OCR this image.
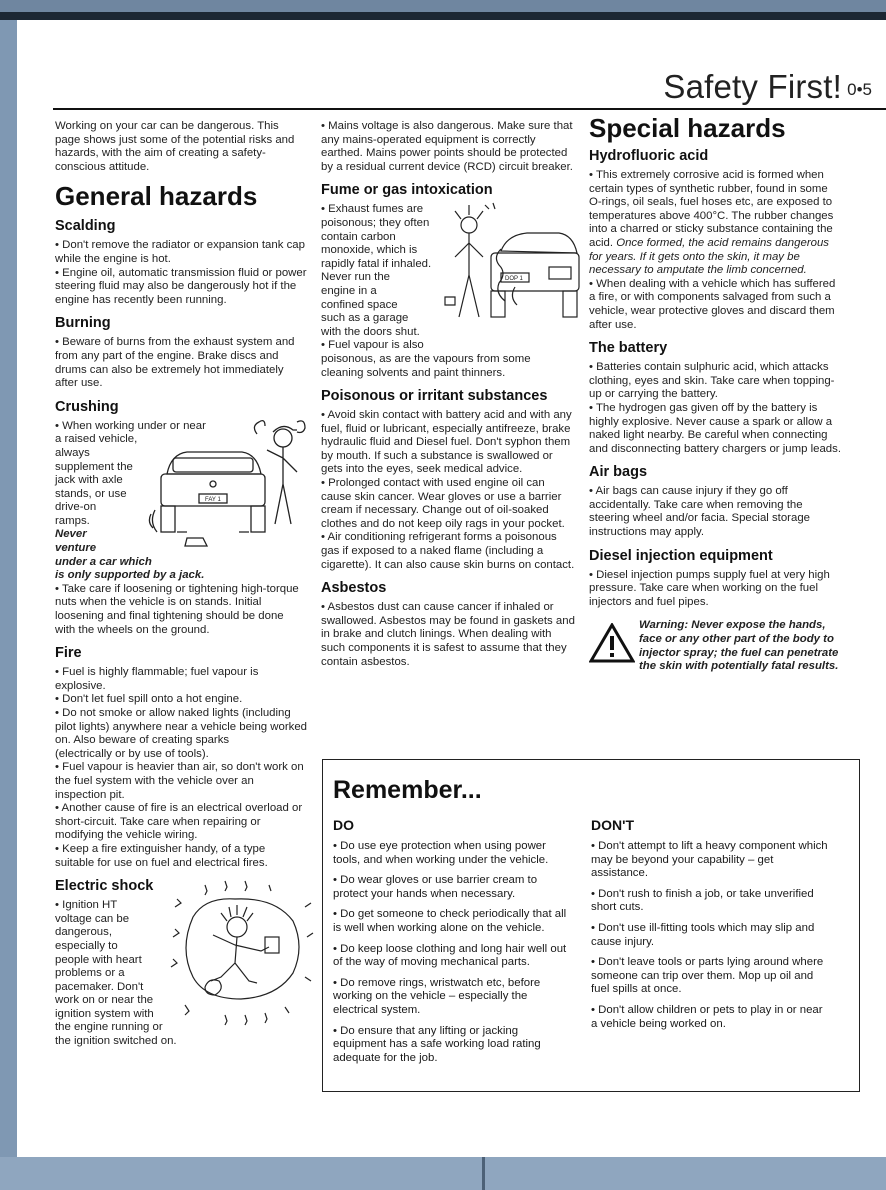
Safety First! 0•5

Working on your car can be dangerous. This page shows just some of the potential risks and hazards, with the aim of creating a safety-conscious attitude.

General hazards
Scalding

• Don't remove the radiator or expansion tank cap while the engine is hot.

• Engine oil, automatic transmission fluid or power steering fluid may also be dangerously hot if the engine has recently been running.

Burning

• Beware of burns from the exhaust system and from any part of the engine. Brake discs and drums can also be extremely hot immediately after use.

Crushing

• When working under or near

a raised vehicle,

always

supplement the

jack with axle

stands, or use

drive-on

ramps.

Never

venture

under a car which

is only supported by a jack.

FAY 1

• Take care if loosening or tightening high-torque nuts when the vehicle is on stands. Initial loosening and final tightening should be done with the wheels on the ground.

Fire

• Fuel is highly flammable; fuel vapour is explosive.

• Don't let fuel spill onto a hot engine.

• Do not smoke or allow naked lights (including pilot lights) anywhere near a vehicle being worked on. Also beware of creating sparks

(electrically or by use of tools).

• Fuel vapour is heavier than air, so don't work on the fuel system with the vehicle over an inspection pit.

• Another cause of fire is an electrical overload or short-circuit. Take care when repairing or modifying the vehicle wiring.

• Keep a fire extinguisher handy, of a type suitable for use on fuel and electrical fires.

Electric shock

• Ignition HT

voltage can be

dangerous,

especially to

people with heart

problems or a

pacemaker. Don't

work on or near the

ignition system with

the engine running or

the ignition switched on.

• Mains voltage is also dangerous. Make sure that any mains-operated equipment is correctly earthed. Mains power points should be protected by a residual current device (RCD) circuit breaker.

Fume or gas intoxication

• Exhaust fumes are

poisonous; they often

contain carbon

monoxide, which is

rapidly fatal if inhaled.

Never run the

engine in a

confined space

such as a garage

with the doors shut.

• Fuel vapour is also

DOP 1

poisonous, as are the vapours from some cleaning solvents and paint thinners.

Poisonous or irritant substances

• Avoid skin contact with battery acid and with any fuel, fluid or lubricant, especially antifreeze, brake hydraulic fluid and Diesel fuel. Don't syphon them by mouth. If such a substance is swallowed or gets into the eyes, seek medical advice.

• Prolonged contact with used engine oil can cause skin cancer. Wear gloves or use a barrier cream if necessary. Change out of oil-soaked clothes and do not keep oily rags in your pocket.

• Air conditioning refrigerant forms a poisonous gas if exposed to a naked flame (including a cigarette). It can also cause skin burns on contact.

Asbestos

• Asbestos dust can cause cancer if inhaled or swallowed. Asbestos may be found in gaskets and in brake and clutch linings. When dealing with such components it is safest to assume that they contain asbestos.

Special hazards
Hydrofluoric acid

• This extremely corrosive acid is formed when certain types of synthetic rubber, found in some O-rings, oil seals, fuel hoses etc, are exposed to temperatures above 400°C. The rubber changes into a charred or sticky substance containing the acid. Once formed, the acid remains dangerous for years. If it gets onto the skin, it may be necessary to amputate the limb concerned.

• When dealing with a vehicle which has suffered a fire, or with components salvaged from such a vehicle, wear protective gloves and discard them after use.

The battery

• Batteries contain sulphuric acid, which attacks clothing, eyes and skin. Take care when topping-up or carrying the battery.

• The hydrogen gas given off by the battery is highly explosive. Never cause a spark or allow a naked light nearby. Be careful when connecting and disconnecting battery chargers or jump leads.

Air bags

• Air bags can cause injury if they go off accidentally. Take care when removing the steering wheel and/or facia. Special storage instructions may apply.

Diesel injection equipment

• Diesel injection pumps supply fuel at very high pressure. Take care when working on the fuel injectors and fuel pipes.

Warning: Never expose the hands, face or any other part of the body to injector spray; the fuel can penetrate the skin with potentially fatal results.
Remember...
DO

• Do use eye protection when using power tools, and when working under the vehicle.

• Do wear gloves or use barrier cream to protect your hands when necessary.

• Do get someone to check periodically that all is well when working alone on the vehicle.

• Do keep loose clothing and long hair well out of the way of moving mechanical parts.

• Do remove rings, wristwatch etc, before working on the vehicle – especially the electrical system.

• Do ensure that any lifting or jacking equipment has a safe working load rating adequate for the job.

DON'T

• Don't attempt to lift a heavy component which may be beyond your capability – get assistance.

• Don't rush to finish a job, or take unverified short cuts.

• Don't use ill-fitting tools which may slip and cause injury.

• Don't leave tools or parts lying around where someone can trip over them. Mop up oil and fuel spills at once.

• Don't allow children or pets to play in or near a vehicle being worked on.
